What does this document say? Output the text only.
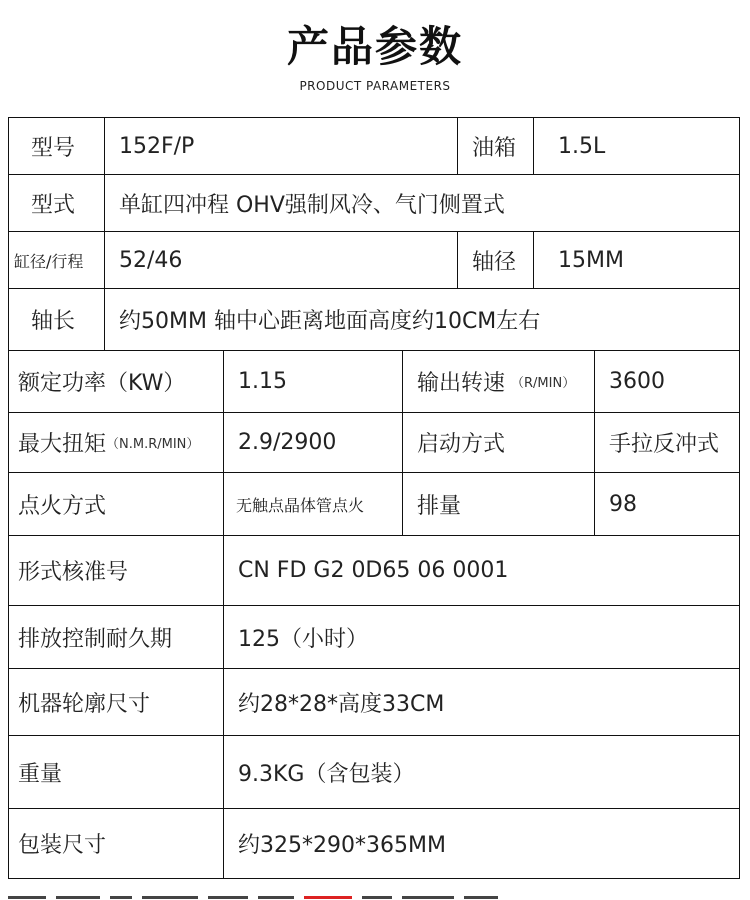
产品参数
PRODUCT PARAMETERS
型号	152F/P	油箱	1.5L
型式	单缸四冲程 OHV强制风冷、气门侧置式
缸径/行程	52/46	轴径	15MM
轴长	约50MM 轴中心距离地面高度约10CM左右
额定功率（KW）	1.15	输出转速 （R/MIN）	3600
最大扭矩 （N.M.R/MIN）	2.9/2900	启动方式	手拉反冲式
点火方式	无触点晶体管点火	排量	98
形式核准号	CN FD G2 0D65 06 0001
排放控制耐久期	125（小时）
机器轮廓尺寸	约28*28*高度33CM
重量	9.3KG（含包装）
包装尺寸	约325*290*365MM
